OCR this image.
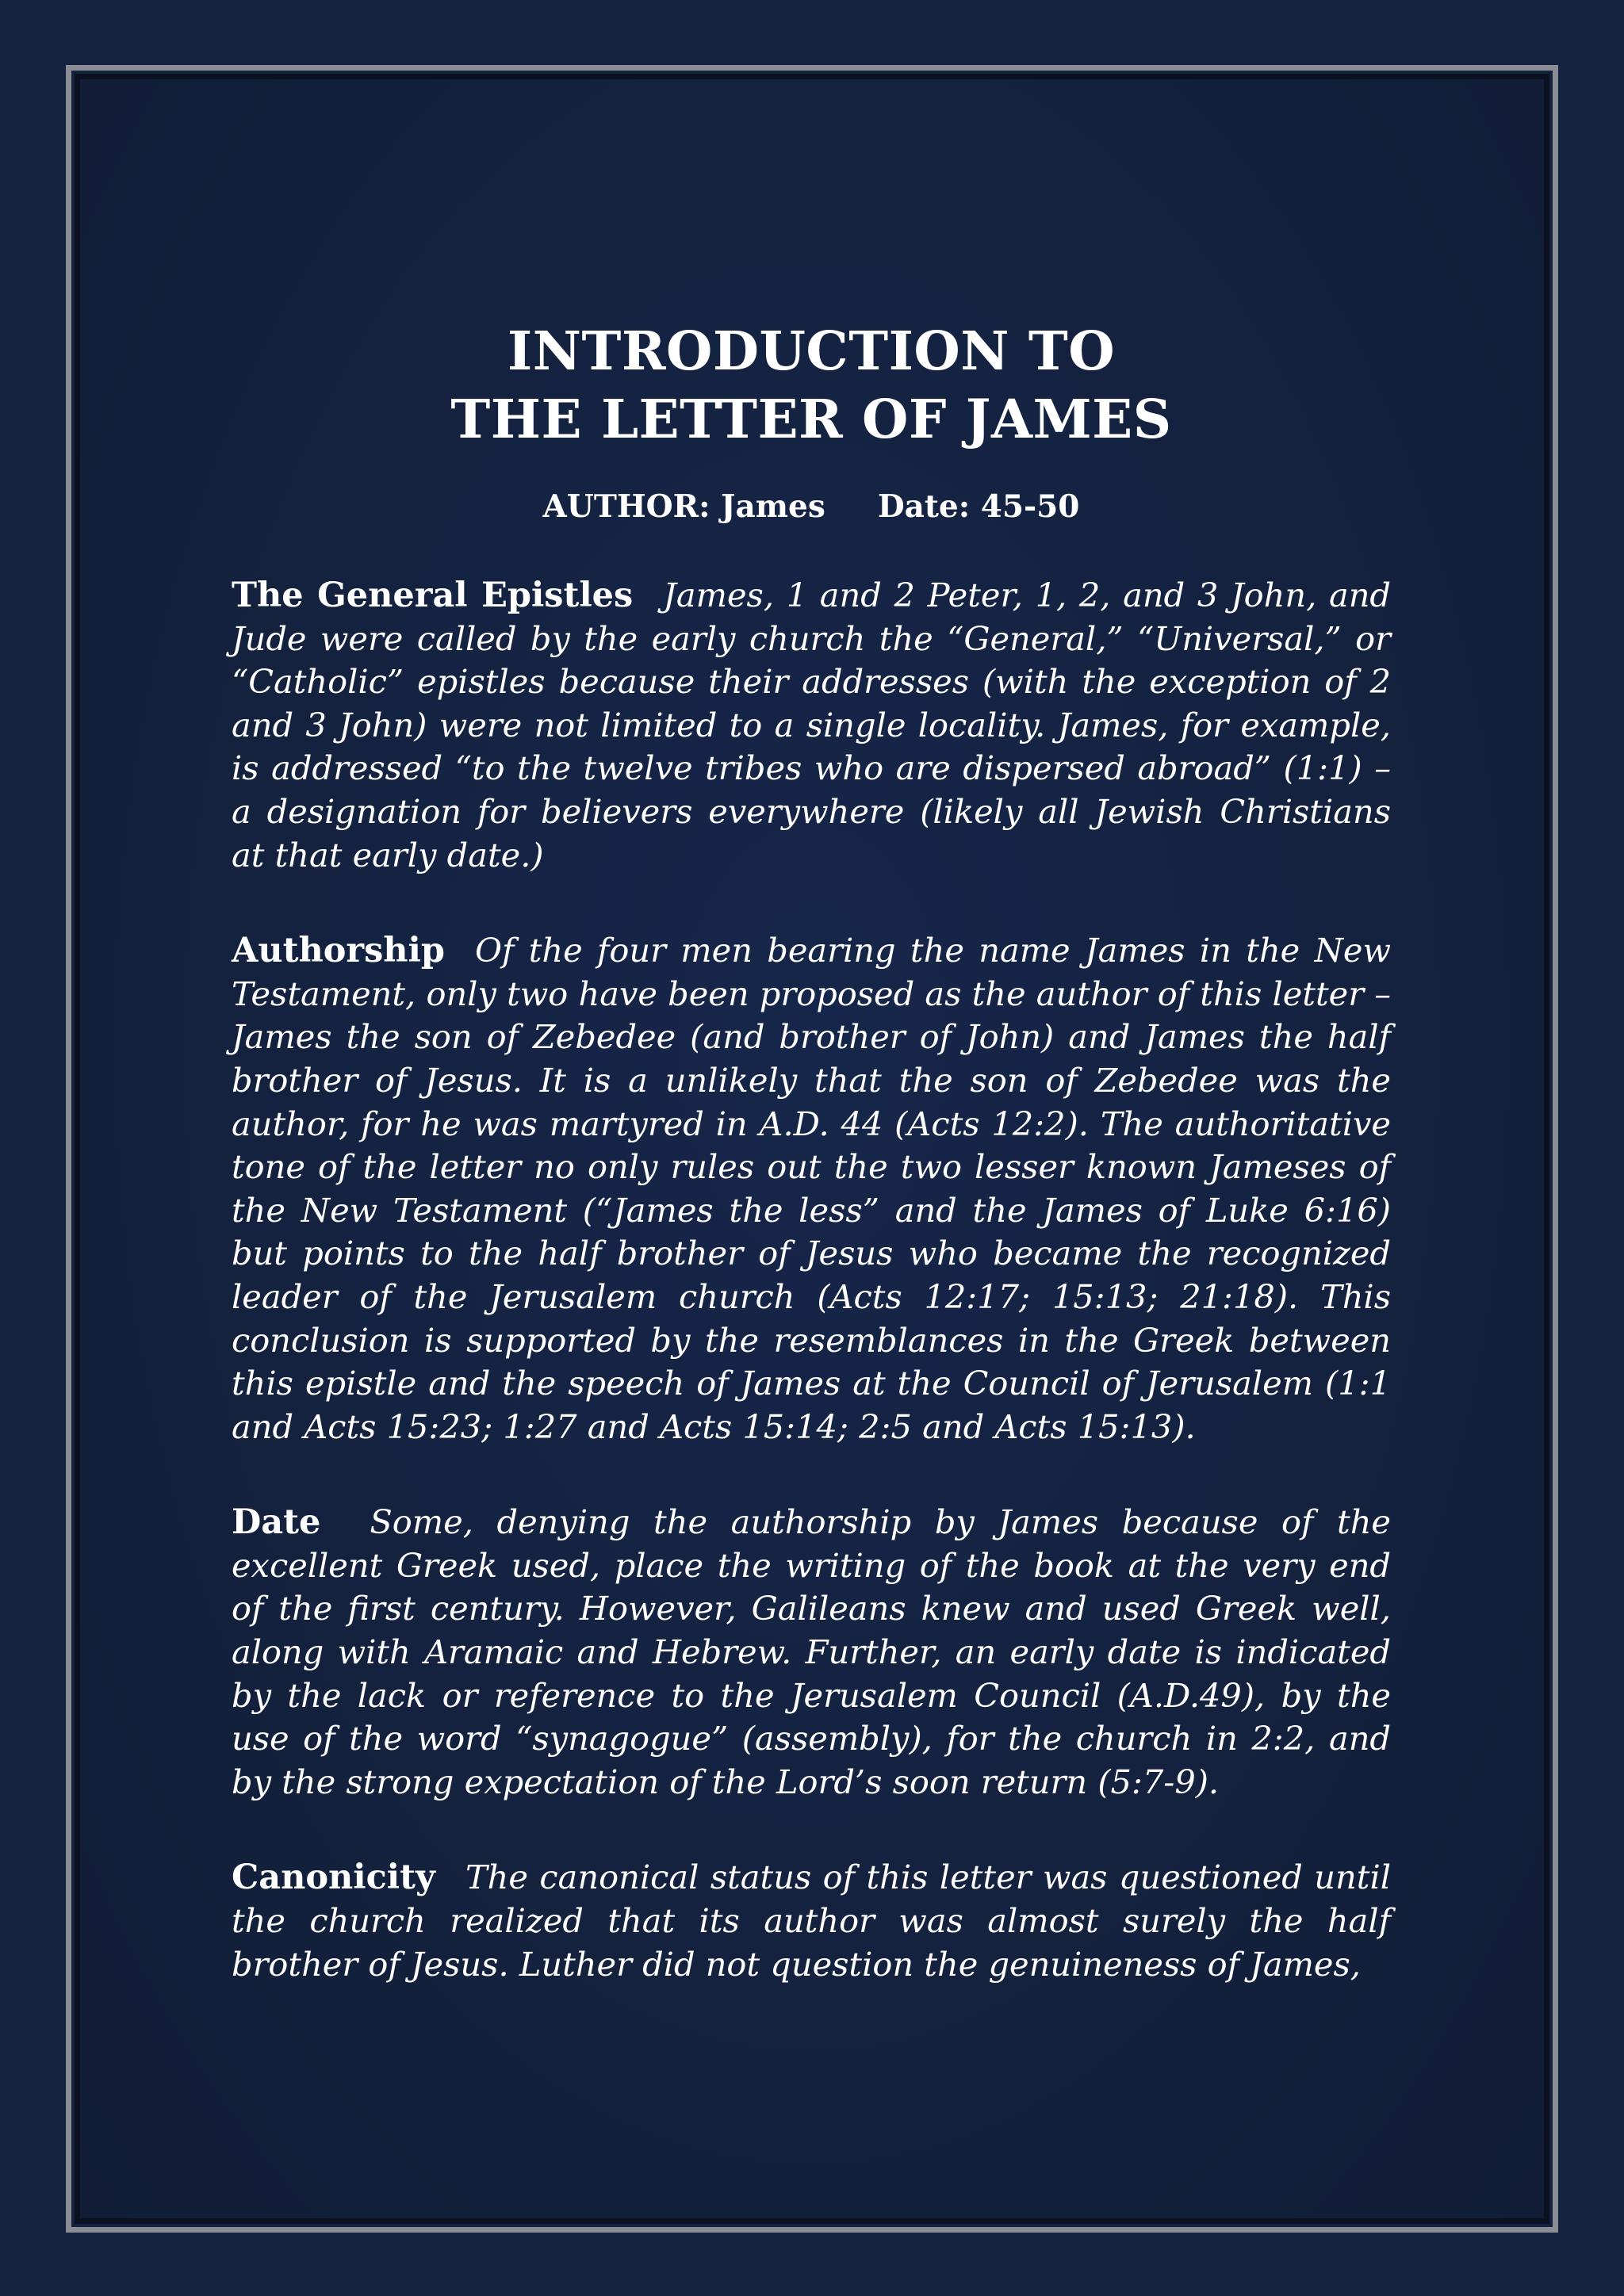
INTRODUCTION TO
THE LETTER OF JAMES
AUTHOR: James Date: 45-50

The General Epistles James, 1 and 2 Peter, 1, 2, and 3 John, and Jude were called by the early church the “General,” “Universal,” or “Catholic” epistles because their addresses (with the exception of 2 and 3 John) were not limited to a single locality. James, for example, is addressed “to the twelve tribes who are dispersed abroad” (1:1) – a designation for believers everywhere (likely all Jewish Christians at that early date.)

Authorship Of the four men bearing the name James in the New Testament, only two have been proposed as the author of this letter – James the son of Zebedee (and brother of John) and James the half brother of Jesus. It is a unlikely that the son of Zebedee was the author, for he was martyred in A.D. 44 (Acts 12:2). The authoritative tone of the letter no only rules out the two lesser known Jameses of the New Testament (“James the less” and the James of Luke 6:16) but points to the half brother of Jesus who became the recognized leader of the Jerusalem church (Acts 12:17; 15:13; 21:18). This conclusion is supported by the resemblances in the Greek between this epistle and the speech of James at the Council of Jerusalem (1:1 and Acts 15:23; 1:27 and Acts 15:14; 2:5 and Acts 15:13).

Date Some, denying the authorship by James because of the excellent Greek used, place the writing of the book at the very end of the first century. However, Galileans knew and used Greek well, along with Aramaic and Hebrew. Further, an early date is indicated by the lack or reference to the Jerusalem Council (A.D.49), by the use of the word “synagogue” (assembly), for the church in 2:2, and by the strong expectation of the Lord’s soon return (5:7-9).

Canonicity The canonical status of this letter was questioned until the church realized that its author was almost surely the half brother of Jesus. Luther did not question the genuineness of James,
